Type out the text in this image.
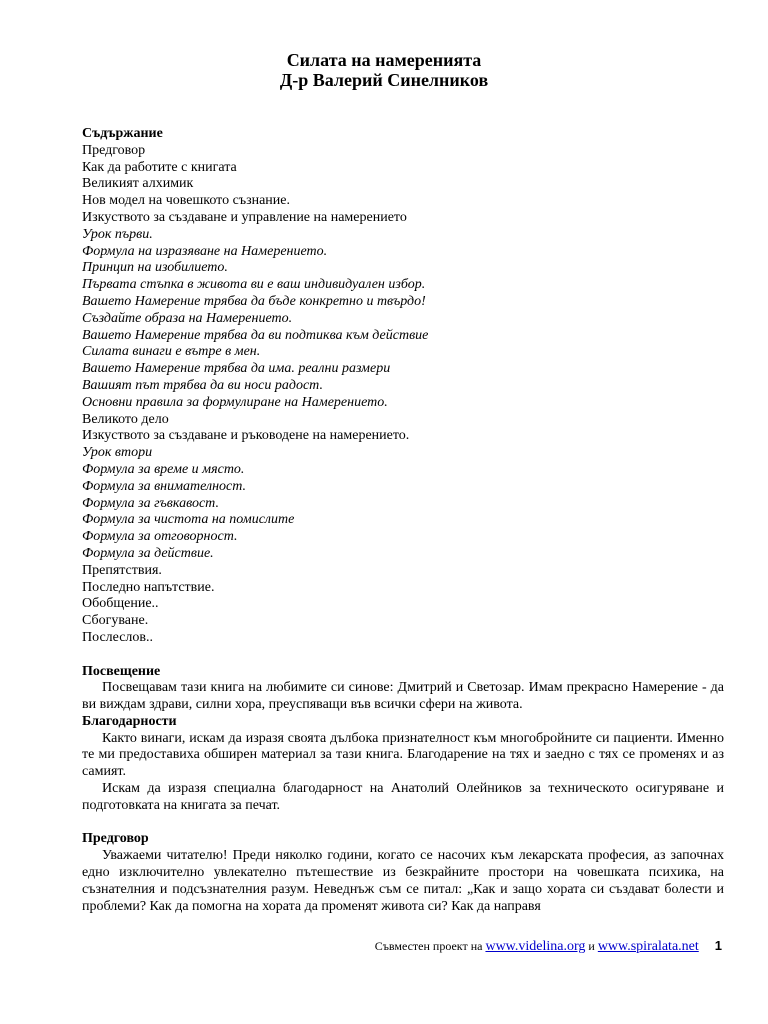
Силата на намеренията
Д-р Валерий Синелников
Съдържание
Предговор
Как да работите с книгата
Великият алхимик
Нов модел на човешкото съзнание.
Изкуството за създаване и управление на намерението
Урок първи.
Формула на изразяване на Намерението.
Принцип на изобилието.
Първата стъпка в живота ви е ваш индивидуален избор.
Вашето Намерение трябва да бъде конкретно и твърдо!
Създайте образа на Намерението.
Вашето Намерение трябва да ви подтиква към действие
Силата винаги е вътре в мен.
Вашето Намерение трябва да има. реални размери
Вашият път трябва да ви носи радост.
Основни правила за формулиране на Намерението.
Великото дело
Изкуството за създаване и ръководене на намерението.
Урок втори
Формула за време и място.
Формула за внимателност.
Формула за гъвкавост.
Формула за чистота на помислите
Формула за отговорност.
Формула за действие.
Препятствия.
Последно напътствие.
Обобщение..
Сбогуване.
Послеслов..
Посвещение

Посвещавам тази книга на любимите си синове: Дмитрий и Светозар. Имам прекрасно Намерение - да ви виждам здрави, силни хора, преуспяващи във всички сфери на живота.

Благодарности

Както винаги, искам да изразя своята дълбока признателност към многобройните си пациенти. Именно те ми предоставиха обширен материал за тази книга. Благодарение на тях и заедно с тях се променях и аз самият.

Искам да изразя специална благодарност на Анатолий Олейников за техническото осигуряване и подготовката на книгата за печат.

Предговор

Уважаеми читателю! Преди няколко години, когато се насочих към лекарската професия, аз започнах едно изключително увлекателно пътешествие из безкрайните простори на човешката психика, на съзнателния и подсъзнателния разум. Неведнъж съм се питал: „Как и защо хората си създават болести и проблеми? Как да помогна на хората да променят живота си? Как да направя

Съвместен проект на www.videlina.org и www.spiralata.net 1
